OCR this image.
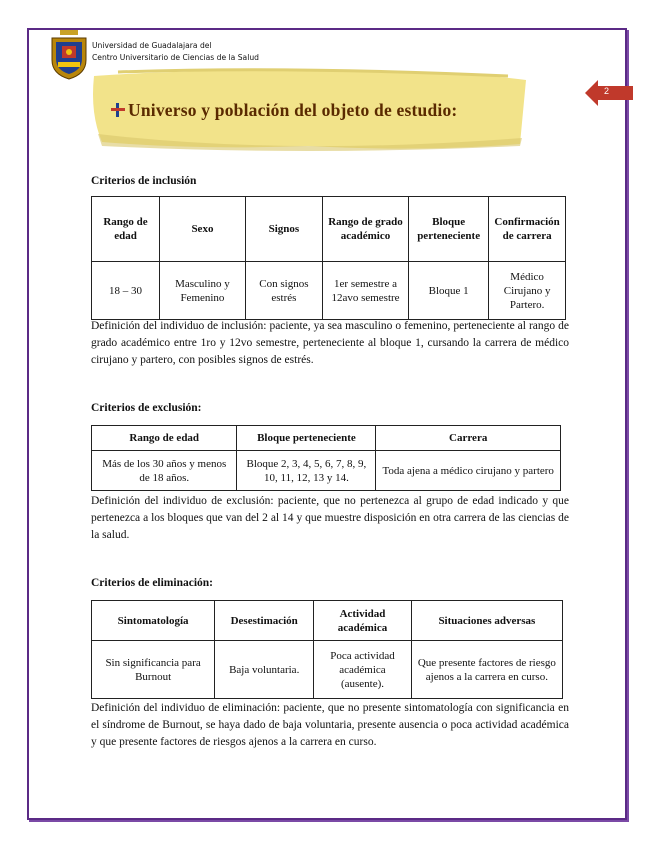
Universidad de Guadalajara del
Centro Universitario de Ciencias de la Salud
2
Universo y población del objeto de estudio:
Criterios de inclusión
Rango de edad	Sexo	Signos	Rango de grado académico	Bloque perteneciente	Confirmación de carrera
18 – 30	Masculino y Femenino	Con signos estrés	1er semestre a 12avo semestre	Bloque 1	Médico Cirujano y Partero.
Definición del individuo de inclusión: paciente, ya sea masculino o femenino, perteneciente al rango de grado académico entre 1ro y 12vo semestre, perteneciente al bloque 1, cursando la carrera de médico cirujano y partero, con posibles signos de estrés.
Criterios de exclusión:
Rango de edad	Bloque perteneciente	Carrera
Más de los 30 años y menos de 18 años.	Bloque 2, 3, 4, 5, 6, 7, 8, 9, 10, 11, 12, 13 y 14.	Toda ajena a médico cirujano y partero
Definición del individuo de exclusión: paciente, que no pertenezca al grupo de edad indicado y que pertenezca a los bloques que van del 2 al 14 y que muestre disposición en otra carrera de las ciencias de la salud.
Criterios de eliminación:
Sintomatología	Desestimación	Actividad académica	Situaciones adversas
Sin significancia para Burnout	Baja voluntaria.	Poca actividad académica (ausente).	Que presente factores de riesgo ajenos a la carrera en curso.
Definición del individuo de eliminación: paciente, que no presente sintomatología con significancia en el síndrome de Burnout, se haya dado de baja voluntaria, presente ausencia o poca actividad académica y que presente factores de riesgos ajenos a la carrera en curso.
